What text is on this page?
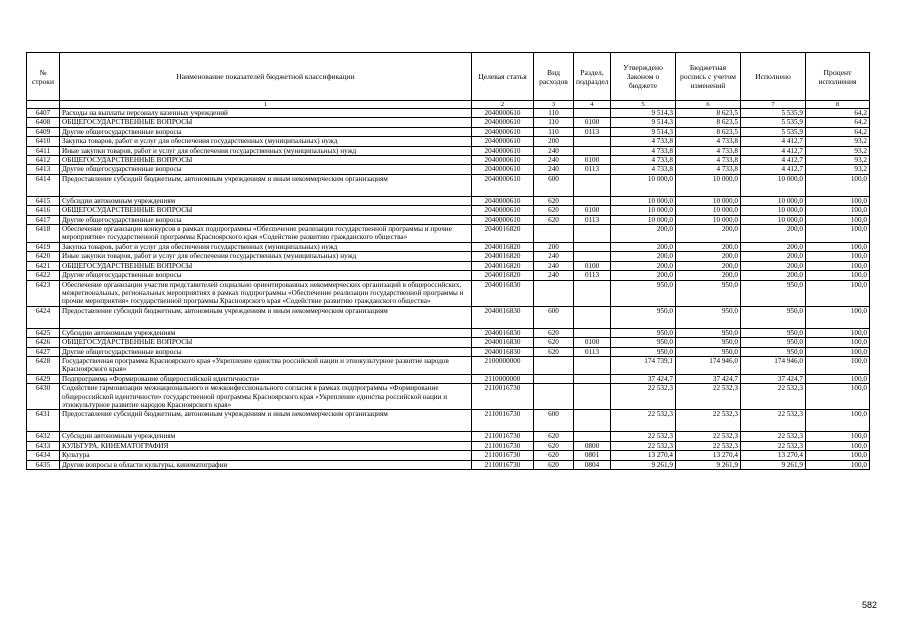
№ строки	Наименование показателей бюджетной классификации	Целевая статья	Вид расходов	Раздел, подраздел	Утверждено Законом о бюджете	Бюджетная роспись с учетом изменений	Исполнено	Процент исполнения
	1	2	3	4	5	6	7	8
6407	Расходы на выплаты персоналу казенных учреждений	2040000610	110		9 514,3	8 623,5	5 535,9	64,2
6408	ОБЩЕГОСУДАРСТВЕННЫЕ ВОПРОСЫ	2040000610	110	0100	9 514,3	8 623,5	5 535,9	64,2
6409	Другие общегосударственные вопросы	2040000610	110	0113	9 514,3	8 623,5	5 535,9	64,2
6410	Закупка товаров, работ и услуг для обеспечения государственных (муниципальных) нужд	2040000610	200		4 733,8	4 733,8	4 412,7	93,2
6411	Иные закупки товаров, работ и услуг для обеспечения государственных (муниципальных) нужд	2040000610	240		4 733,8	4 733,8	4 412,7	93,2
6412	ОБЩЕГОСУДАРСТВЕННЫЕ ВОПРОСЫ	2040000610	240	0100	4 733,8	4 733,8	4 412,7	93,2
6413	Другие общегосударственные вопросы	2040000610	240	0113	4 733,8	4 733,8	4 412,7	93,2
6414	Предоставление субсидий бюджетным, автономным учреждениям и иным некоммерческим организациям	2040000610	600		10 000,0	10 000,0	10 000,0	100,0
6415	Субсидии автономным учреждениям	2040000610	620		10 000,0	10 000,0	10 000,0	100,0
6416	ОБЩЕГОСУДАРСТВЕННЫЕ ВОПРОСЫ	2040000610	620	0100	10 000,0	10 000,0	10 000,0	100,0
6417	Другие общегосударственные вопросы	2040000610	620	0113	10 000,0	10 000,0	10 000,0	100,0
6418	Обеспечение организации конкурсов в рамках подпрограммы «Обеспечение реализации государственной программы и прочие мероприятия» государственной программы Красноярского края «Содействие развитию гражданского общества»	2040016820			200,0	200,0	200,0	100,0
6419	Закупка товаров, работ и услуг для обеспечения государственных (муниципальных) нужд	2040016820	200		200,0	200,0	200,0	100,0
6420	Иные закупки товаров, работ и услуг для обеспечения государственных (муниципальных) нужд	2040016820	240		200,0	200,0	200,0	100,0
6421	ОБЩЕГОСУДАРСТВЕННЫЕ ВОПРОСЫ	2040016820	240	0100	200,0	200,0	200,0	100,0
6422	Другие общегосударственные вопросы	2040016820	240	0113	200,0	200,0	200,0	100,0
6423	Обеспечение организации участия представителей социально ориентированных некоммерческих организаций в общероссийских, межрегиональных, региональных мероприятиях в рамках подпрограммы «Обеспечение реализации государственной программы и прочие мероприятия» государственной программы Красноярского края «Содействие развитию гражданского общества»	2040016830			950,0	950,0	950,0	100,0
6424	Предоставление субсидий бюджетным, автономным учреждениям и иным некоммерческим организациям	2040016830	600		950,0	950,0	950,0	100,0
6425	Субсидии автономным учреждениям	2040016830	620		950,0	950,0	950,0	100,0
6426	ОБЩЕГОСУДАРСТВЕННЫЕ ВОПРОСЫ	2040016830	620	0100	950,0	950,0	950,0	100,0
6427	Другие общегосударственные вопросы	2040016830	620	0113	950,0	950,0	950,0	100,0
6428	Государственная программа Красноярского края «Укрепление единства российской нации и этнокультурное развитие народов Красноярского края»	2100000000			174 739,1	174 946,0	174 946,0	100,0
6429	Подпрограмма «Формирование общероссийской идентичности»	2110000000			37 424,7	37 424,7	37 424,7	100,0
6430	Содействие гармонизации межнационального и межконфессионального согласия в рамках подпрограммы «Формирование общероссийской идентичности» государственной программы Красноярского края «Укрепление единства российской нации и этнокультурное развитие народов Красноярского края»	2110016730			22 532,3	22 532,3	22 532,3	100,0
6431	Предоставление субсидий бюджетным, автономным учреждениям и иным некоммерческим организациям	2110016730	600		22 532,3	22 532,3	22 532,3	100,0
6432	Субсидии автономным учреждениям	2110016730	620		22 532,3	22 532,3	22 532,3	100,0
6433	КУЛЬТУРА, КИНЕМАТОГРАФИЯ	2110016730	620	0800	22 532,3	22 532,3	22 532,3	100,0
6434	Культура	2110016730	620	0801	13 270,4	13 270,4	13 270,4	100,0
6435	Другие вопросы в области культуры, кинематографии	2110016730	620	0804	9 261,9	9 261,9	9 261,9	100,0
582
